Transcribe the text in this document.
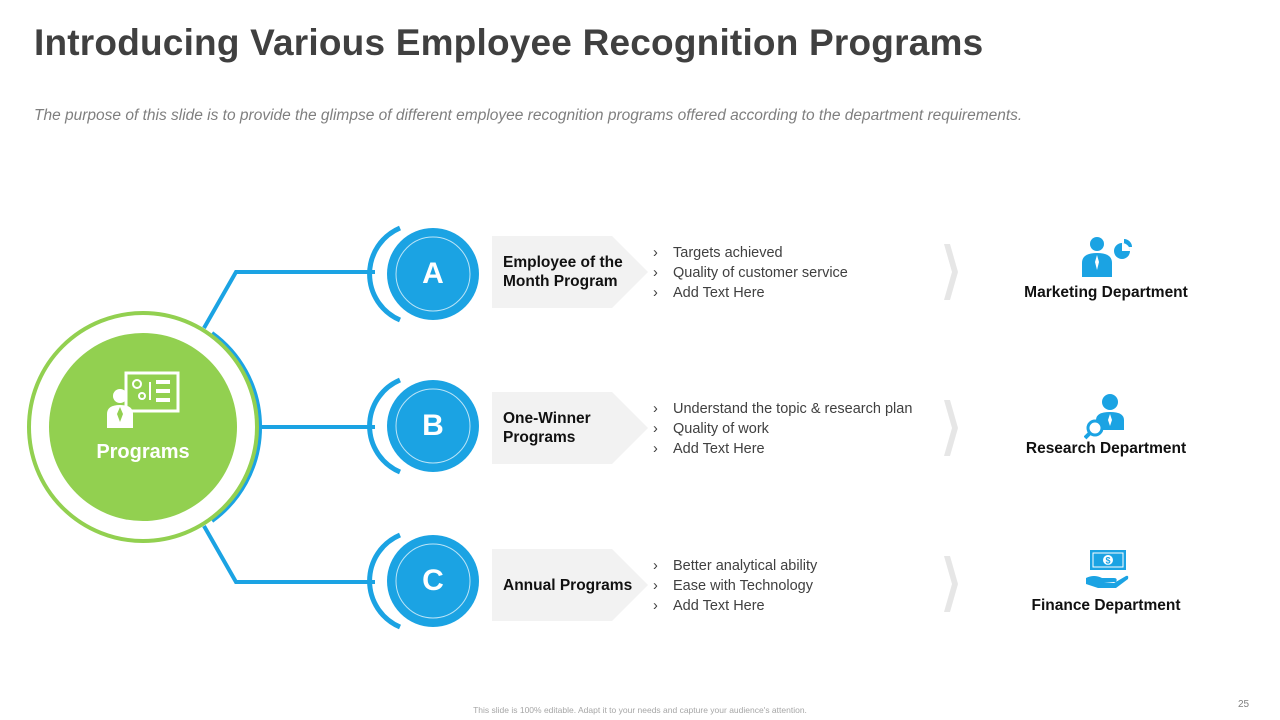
Introducing Various Employee Recognition Programs
The purpose of this slide is to provide the glimpse of different employee recognition programs offered according to the department requirements.
Programs
A
B
C
Employee of the Month Program
One-Winner Programs
Annual Programs
› Targets achieved
› Quality of customer service
› Add Text Here
› Understand the topic & research plan
› Quality of work
› Add Text Here
› Better analytical ability
› Ease with Technology
› Add Text Here
$
Marketing Department
Research Department
Finance Department
This slide is 100% editable. Adapt it to your needs and capture your audience's attention.	25
